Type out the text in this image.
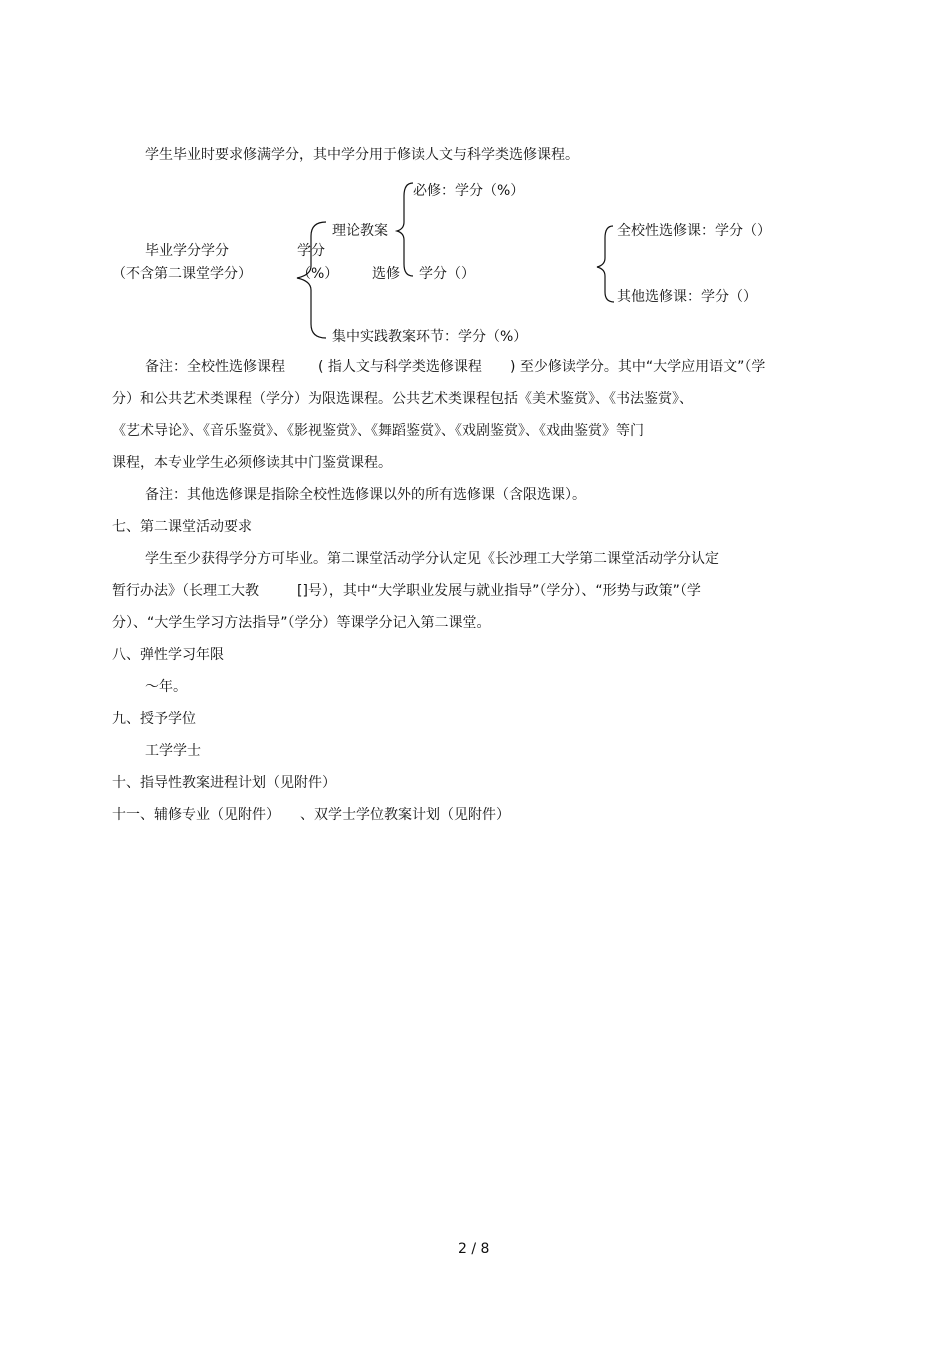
学生毕业时要求修满学分，其中学分用于修读人文与科学类选修课程。
毕业学分学分
（不含第二课堂学分）
学分
（%）
理论教案
必修：学分（%）
选修 学分（）
全校性选修课：学分（）
其他选修课：学分（）
集中实践教案环节：学分（%）
备注：全校性选修课程 ( 指人文与科学类选修课程 ) 至少修读学分。其中“大学应用语文”（学
分）和公共艺术类课程（学分）为限选课程。公共艺术类课程包括《美术鉴赏》、《书法鉴赏》、
《艺术导论》、《音乐鉴赏》、《影视鉴赏》、《舞蹈鉴赏》、《戏剧鉴赏》、《戏曲鉴赏》等门
课程，本专业学生必须修读其中门鉴赏课程。
备注：其他选修课是指除全校性选修课以外的所有选修课（含限选课）。
七、第二课堂活动要求
学生至少获得学分方可毕业。第二课堂活动学分认定见《长沙理工大学第二课堂活动学分认定
暂行办法》（长理工大教	[]号），其中“大学职业发展与就业指导”（学分）、“形势与政策”（学
分）、“大学生学习方法指导”（学分）等课学分记入第二课堂。
八、弹性学习年限
～年。
九、授予学位
工学学士
十、指导性教案进程计划（见附件）
十一、辅修专业（见附件） 、双学士学位教案计划（见附件）
2 / 8
